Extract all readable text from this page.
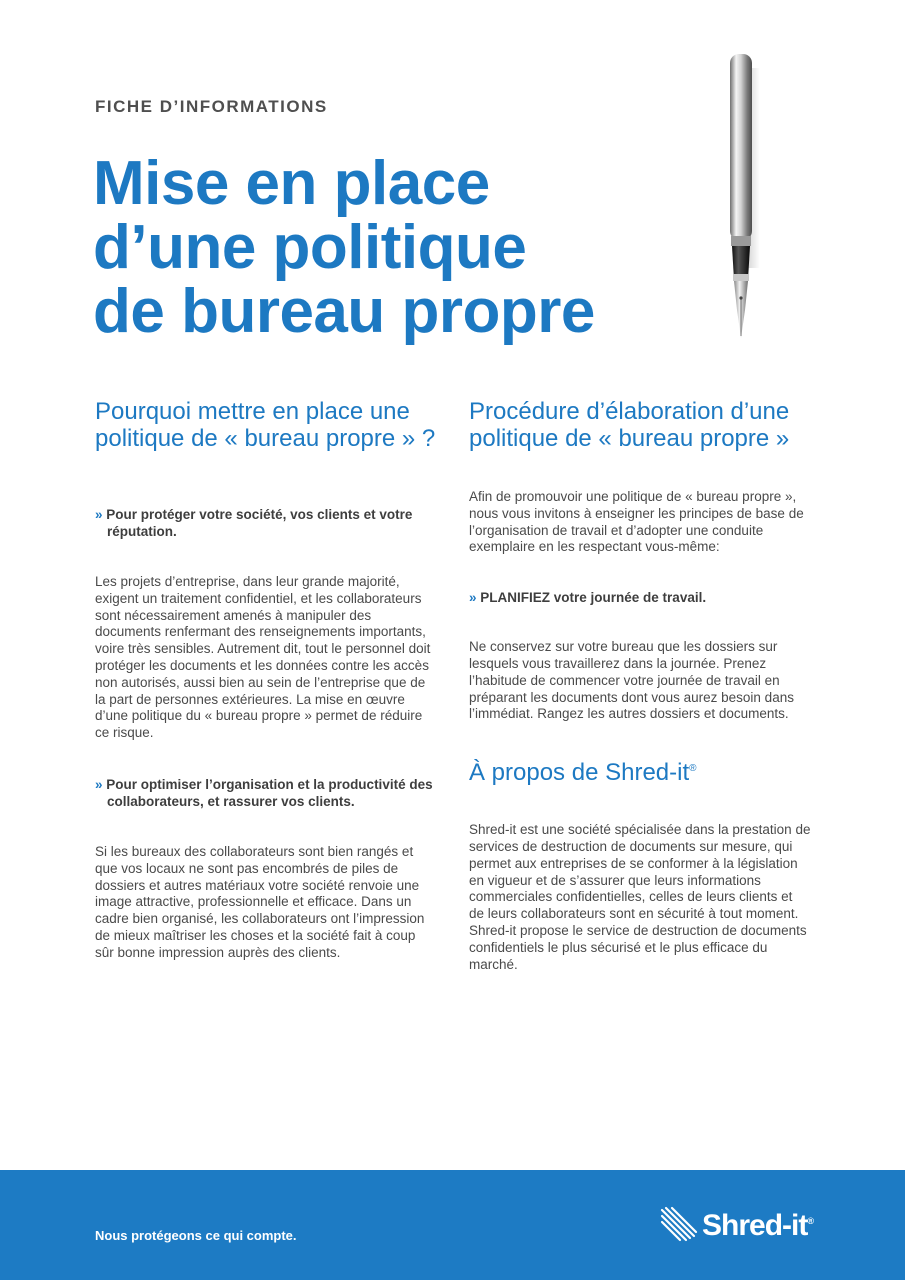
FICHE D’INFORMATIONS
Mise en place
d’une politique
de bureau propre
Pourquoi mettre en place une politique de « bureau propre » ?
» Pour protéger votre société, vos clients et votre réputation.
Les projets d’entreprise, dans leur grande majorité, exigent un traitement confidentiel, et les collaborateurs sont nécessairement amenés à manipuler des documents renfermant des renseignements importants, voire très sensibles. Autrement dit, tout le personnel doit protéger les documents et les données contre les accès non autorisés, aussi bien au sein de l’entreprise que de la part de personnes extérieures. La mise en œuvre d’une politique du « bureau propre » permet de réduire ce risque.
» Pour optimiser l’organisation et la productivité des collaborateurs, et rassurer vos clients.
Si les bureaux des collaborateurs sont bien rangés et que vos locaux ne sont pas encombrés de piles de dossiers et autres matériaux votre société renvoie une image attractive, professionnelle et efficace. Dans un cadre bien organisé, les collaborateurs ont l’impression de mieux maîtriser les choses et la société fait à coup sûr bonne impression auprès des clients.
Procédure d’élaboration d’une politique de « bureau propre »
Afin de promouvoir une politique de « bureau propre », nous vous invitons à enseigner les principes de base de l’organisation de travail et d’adopter une conduite exemplaire en les respectant vous-même:
» PLANIFIEZ votre journée de travail.
Ne conservez sur votre bureau que les dossiers sur lesquels vous travaillerez dans la journée. Prenez l’habitude de commencer votre journée de travail en préparant les documents dont vous aurez besoin dans l’immédiat. Rangez les autres dossiers et documents.
À propos de Shred-it®
Shred-it est une société spécialisée dans la prestation de services de destruction de documents sur mesure, qui permet aux entreprises de se conformer à la législation en vigueur et de s’assurer que leurs informations commerciales confidentielles, celles de leurs clients et de leurs collaborateurs sont en sécurité à tout moment. Shred-it propose le service de destruction de documents confidentiels le plus sécurisé et le plus efficace du marché.
Nous protégeons ce qui compte.	Shred-it®
